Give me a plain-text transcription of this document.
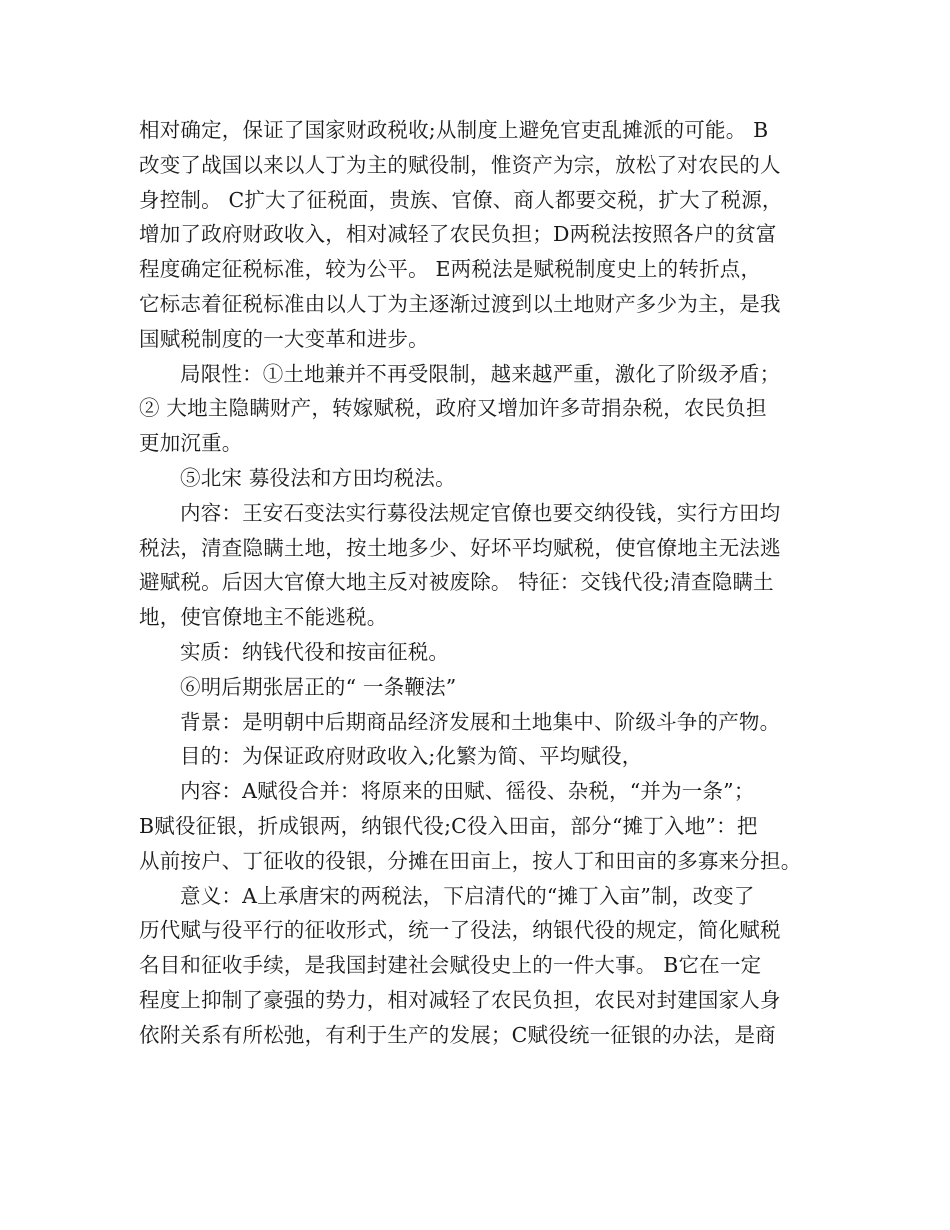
相对确定，保证了国家财政税收;从制度上避免官吏乱摊派的可能。 B
改变了战国以来以人丁为主的赋役制，惟资产为宗，放松了对农民的人
身控制。 C扩大了征税面，贵族、官僚、商人都要交税，扩大了税源，
增加了政府财政收入，相对减轻了农民负担；D两税法按照各户的贫富
程度确定征税标准，较为公平。 E两税法是赋税制度史上的转折点，
它标志着征税标准由以人丁为主逐渐过渡到以土地财产多少为主，是我
国赋税制度的一大变革和进步。
局限性：①土地兼并不再受限制，越来越严重，激化了阶级矛盾；
② 大地主隐瞒财产，转嫁赋税，政府又增加许多苛捐杂税，农民负担
更加沉重。
⑤北宋 募役法和方田均税法。
内容：王安石变法实行募役法规定官僚也要交纳役钱，实行方田均
税法，清查隐瞒土地，按土地多少、好坏平均赋税，使官僚地主无法逃
避赋税。后因大官僚大地主反对被废除。 特征：交钱代役;清查隐瞒土
地，使官僚地主不能逃税。
实质：纳钱代役和按亩征税。
⑥明后期张居正的“ 一条鞭法”
背景：是明朝中后期商品经济发展和土地集中、阶级斗争的产物。
目的：为保证政府财政收入;化繁为简、平均赋役，
内容：A赋役合并：将原来的田赋、徭役、杂税，“并为一条”；
B赋役征银，折成银两，纳银代役;C役入田亩，部分“摊丁入地”：把
从前按户、丁征收的役银，分摊在田亩上，按人丁和田亩的多寡来分担。
意义：A上承唐宋的两税法，下启清代的“摊丁入亩”制，改变了
历代赋与役平行的征收形式，统一了役法，纳银代役的规定，简化赋税
名目和征收手续，是我国封建社会赋役史上的一件大事。 B它在一定
程度上抑制了豪强的势力，相对减轻了农民负担，农民对封建国家人身
依附关系有所松弛，有利于生产的发展；C赋役统一征银的办法，是商
